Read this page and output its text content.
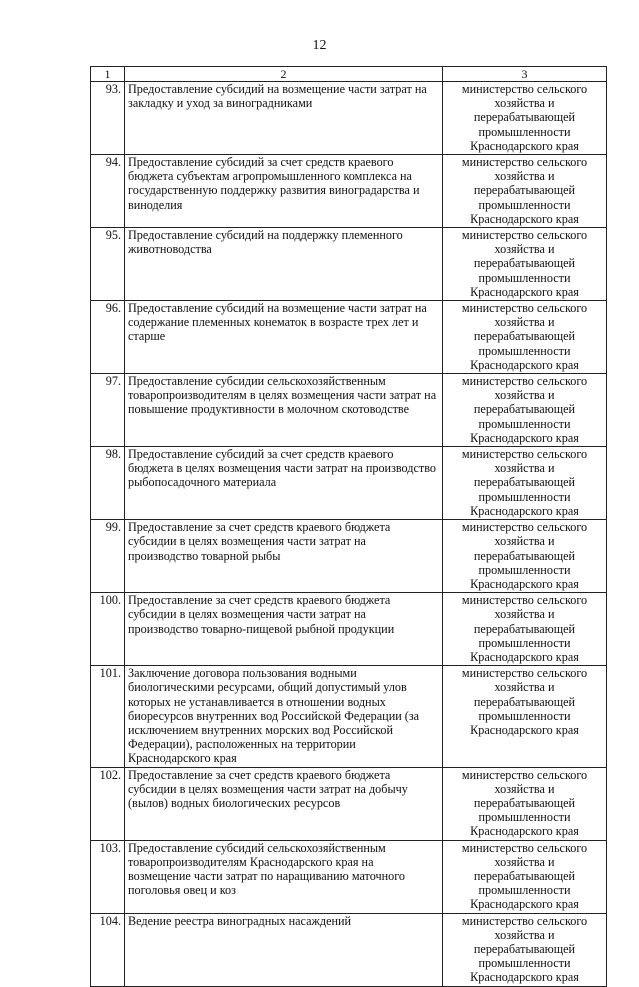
12
1	2	3
93.	Предоставление субсидий на возмещение части затрат на закладку и уход за виноградниками	министерство сельского хозяйства и перерабатывающей промышленности Краснодарского края
94.	Предоставление субсидий за счет средств краевого бюджета субъектам агропромышленного комплекса на государственную поддержку развития виноградарства и виноделия	министерство сельского хозяйства и перерабатывающей промышленности Краснодарского края
95.	Предоставление субсидий на поддержку племенного животноводства	министерство сельского хозяйства и перерабатывающей промышленности Краснодарского края
96.	Предоставление субсидий на возмещение части затрат на содержание племенных конематок в возрасте трех лет и старше	министерство сельского хозяйства и перерабатывающей промышленности Краснодарского края
97.	Предоставление субсидии сельскохозяйственным товаропроизводителям в целях возмещения части затрат на повышение продуктивности в молочном скотоводстве	министерство сельского хозяйства и перерабатывающей промышленности Краснодарского края
98.	Предоставление субсидий за счет средств краевого бюджета в целях возмещения части затрат на производство рыбопосадочного материала	министерство сельского хозяйства и перерабатывающей промышленности Краснодарского края
99.	Предоставление за счет средств краевого бюджета субсидии в целях возмещения части затрат на производство товарной рыбы	министерство сельского хозяйства и перерабатывающей промышленности Краснодарского края
100.	Предоставление за счет средств краевого бюджета субсидии в целях возмещения части затрат на производство товарно-пищевой рыбной продукции	министерство сельского хозяйства и перерабатывающей промышленности Краснодарского края
101.	Заключение договора пользования водными биологическими ресурсами, общий допустимый улов которых не устанавливается в отношении водных биоресурсов внутренних вод Российской Федерации (за исключением внутренних морских вод Российской Федерации), расположенных на территории Краснодарского края	министерство сельского хозяйства и перерабатывающей промышленности Краснодарского края
102.	Предоставление за счет средств краевого бюджета субсидии в целях возмещения части затрат на добычу (вылов) водных биологических ресурсов	министерство сельского хозяйства и перерабатывающей промышленности Краснодарского края
103.	Предоставление субсидий сельскохозяйственным товаропроизводителям Краснодарского края на возмещение части затрат по наращиванию маточного поголовья овец и коз	министерство сельского хозяйства и перерабатывающей промышленности Краснодарского края
104.	Ведение реестра виноградных насаждений	министерство сельского хозяйства и перерабатывающей промышленности Краснодарского края
